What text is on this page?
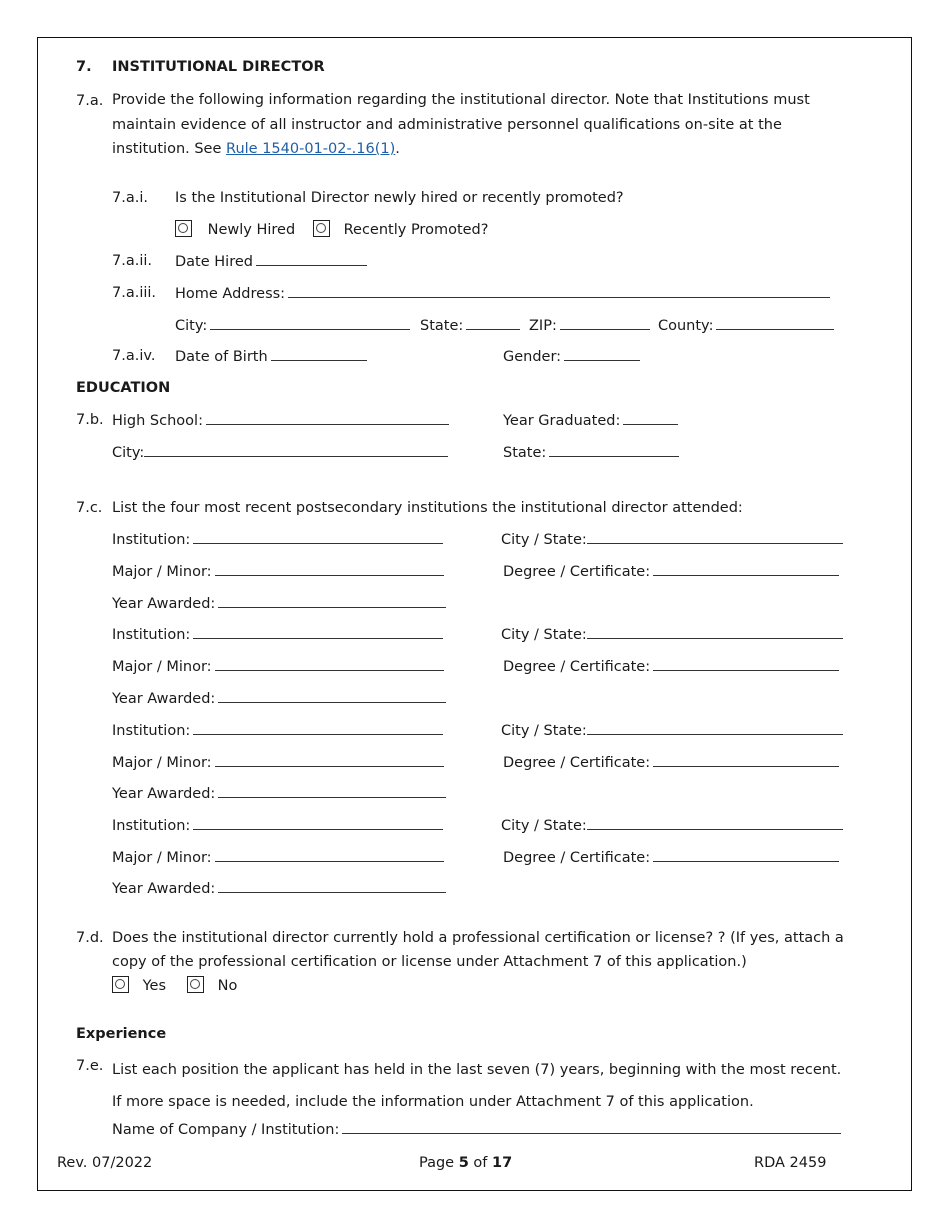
7. INSTITUTIONAL DIRECTOR
7.a. Provide the following information regarding the institutional director. Note that Institutions must maintain evidence of all instructor and administrative personnel qualifications on-site at the institution. See Rule 1540-01-02-.16(1).
7.a.i. Is the Institutional Director newly hired or recently promoted?
Newly Hired	Recently Promoted?
7.a.ii. Date Hired
7.a.iii. Home Address:
City:	State:	ZIP:	County:
7.a.iv. Date of Birth	Gender:
EDUCATION
7.b. High School:	Year Graduated:
City:	State:
7.c. List the four most recent postsecondary institutions the institutional director attended:
Institution:	City / State:
Major / Minor:	Degree / Certificate:
Year Awarded:
Institution:	City / State:
Major / Minor:	Degree / Certificate:
Year Awarded:
Institution:	City / State:
Major / Minor:	Degree / Certificate:
Year Awarded:
Institution:	City / State:
Major / Minor:	Degree / Certificate:
Year Awarded:
7.d. Does the institutional director currently hold a professional certification or license? ? (If yes, attach a copy of the professional certification or license under Attachment 7 of this application.)
Yes	No
Experience
7.e. List each position the applicant has held in the last seven (7) years, beginning with the most recent. If more space is needed, include the information under Attachment 7 of this application.
Name of Company / Institution:
Rev. 07/2022	Page 5 of 17	RDA 2459
